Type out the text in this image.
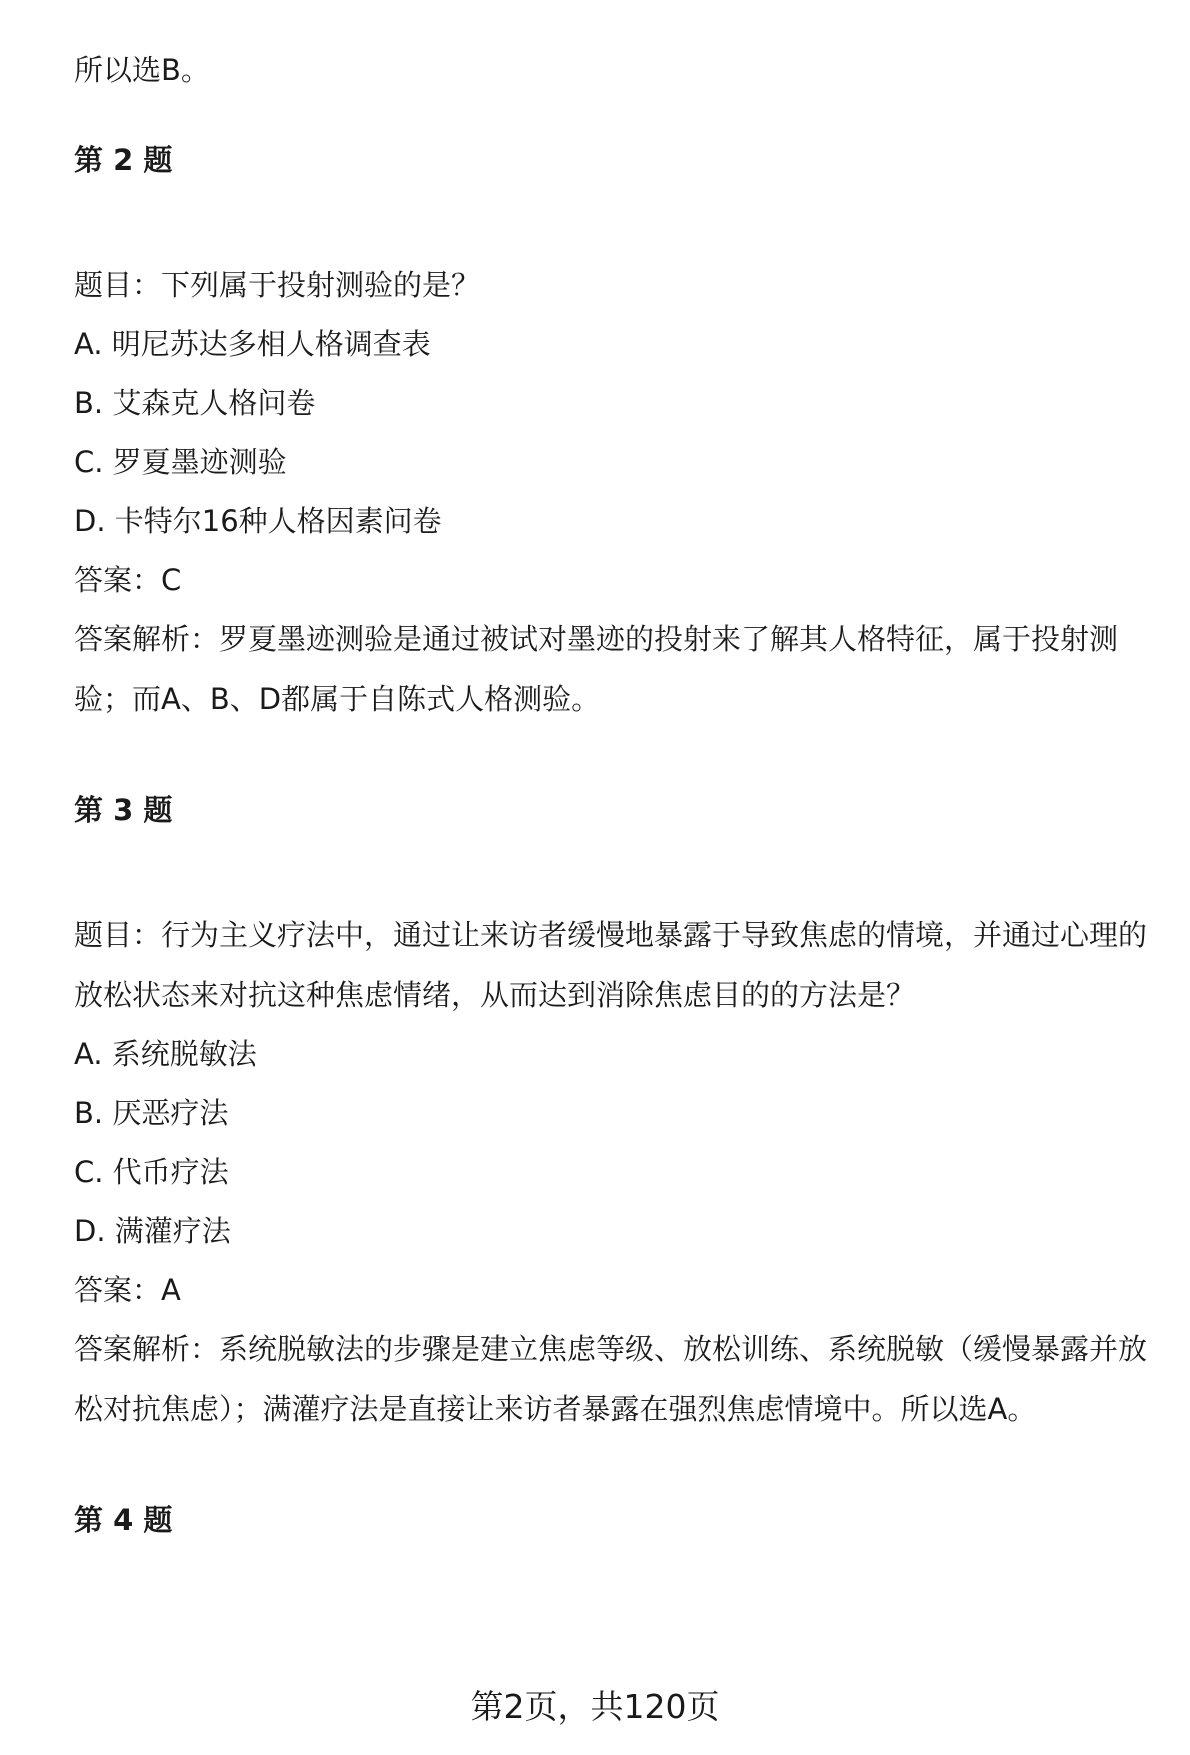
所以选B。
第 2 题
题目：下列属于投射测验的是？
A. 明尼苏达多相人格调查表
B. 艾森克人格问卷
C. 罗夏墨迹测验
D. 卡特尔16种人格因素问卷
答案：C
答案解析：罗夏墨迹测验是通过被试对墨迹的投射来了解其人格特征，属于投射测验；而A、B、D都属于自陈式人格测验。
第 3 题
题目：行为主义疗法中，通过让来访者缓慢地暴露于导致焦虑的情境，并通过心理的放松状态来对抗这种焦虑情绪，从而达到消除焦虑目的的方法是？
A. 系统脱敏法
B. 厌恶疗法
C. 代币疗法
D. 满灌疗法
答案：A
答案解析：系统脱敏法的步骤是建立焦虑等级、放松训练、系统脱敏（缓慢暴露并放松对抗焦虑）；满灌疗法是直接让来访者暴露在强烈焦虑情境中。所以选A。
第 4 题
第2页，共120页
